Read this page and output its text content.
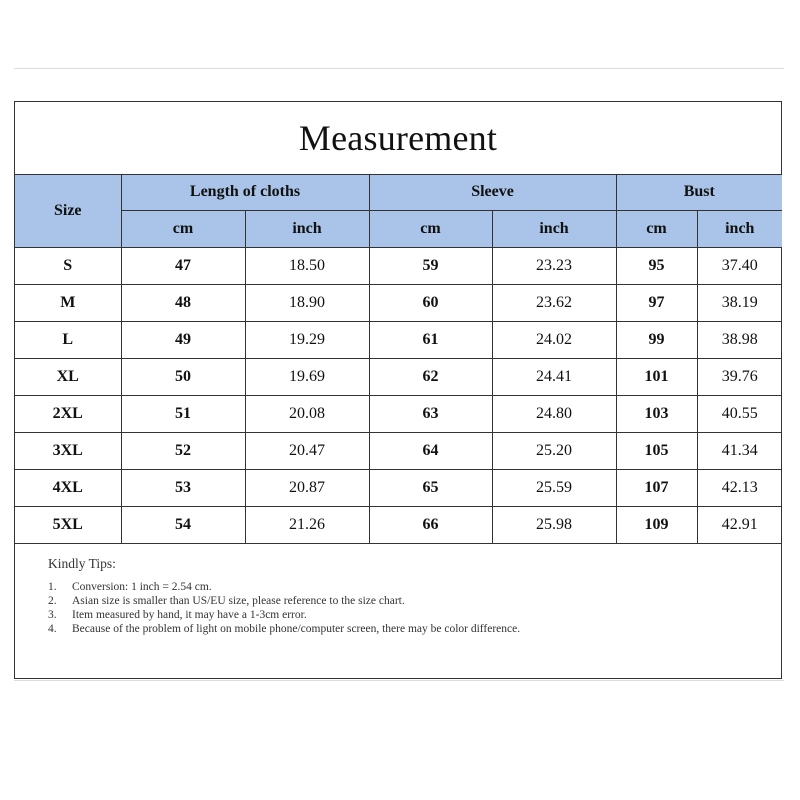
Measurement
Size	Length of cloths		Sleeve		Bust	
	cm	inch	cm	inch	cm	inch
S	47	18.50	59	23.23	95	37.40
M	48	18.90	60	23.62	97	38.19
L	49	19.29	61	24.02	99	38.98
XL	50	19.69	62	24.41	101	39.76
2XL	51	20.08	63	24.80	103	40.55
3XL	52	20.47	64	25.20	105	41.34
4XL	53	20.87	65	25.59	107	42.13
5XL	54	21.26	66	25.98	109	42.91
Kindly Tips:
1.	Conversion: 1 inch = 2.54 cm.
2.	Asian size is smaller than US/EU size, please reference to the size chart.
3.	Item measured by hand, it may have a 1-3cm error.
4.	Because of the problem of light on mobile phone/computer screen, there may be color difference.
